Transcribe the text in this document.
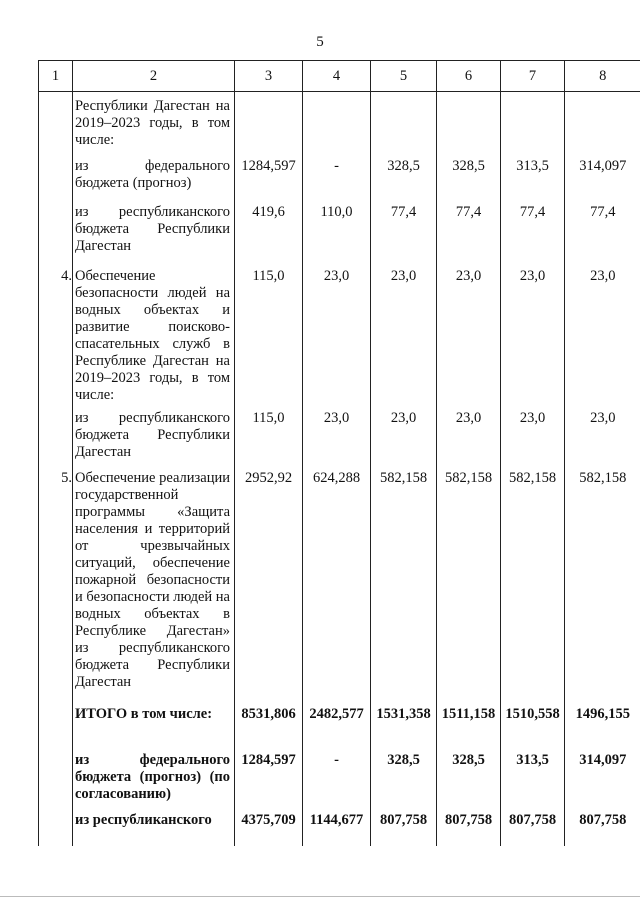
5
1	2	3	4	5	6	7	8

	Республики Дагестан на 2019–2023 годы, в том числе:						

	из федерального бюджета (прогноз)	1284,597	-	328,5	328,5	313,5	314,097

	из республиканского бюджета Республики Дагестан	419,6	110,0	77,4	77,4	77,4	77,4
4.	Обеспечение безопасности людей на водных объектах и развитие поисково-спасательных служб в Республике Дагестан на 2019–2023 годы, в том числе:	115,0	23,0	23,0	23,0	23,0	23,0

	из республиканского бюджета Республики Дагестан	115,0	23,0	23,0	23,0	23,0	23,0
5.	Обеспечение реализации государственной программы «Защита населения и территорий от чрезвычайных ситуаций, обеспечение пожарной безопасности и безопасности людей на водных объектах в Республике Дагестан» из республиканского бюджета Республики Дагестан	2952,92	624,288	582,158	582,158	582,158	582,158

	ИТОГО в том числе:	8531,806	2482,577	1531,358	1511,158	1510,558	1496,155

	из федерального бюджета (прогноз) (по согласованию)	1284,597	-	328,5	328,5	313,5	314,097

	из республиканского	4375,709	1144,677	807,758	807,758	807,758	807,758
